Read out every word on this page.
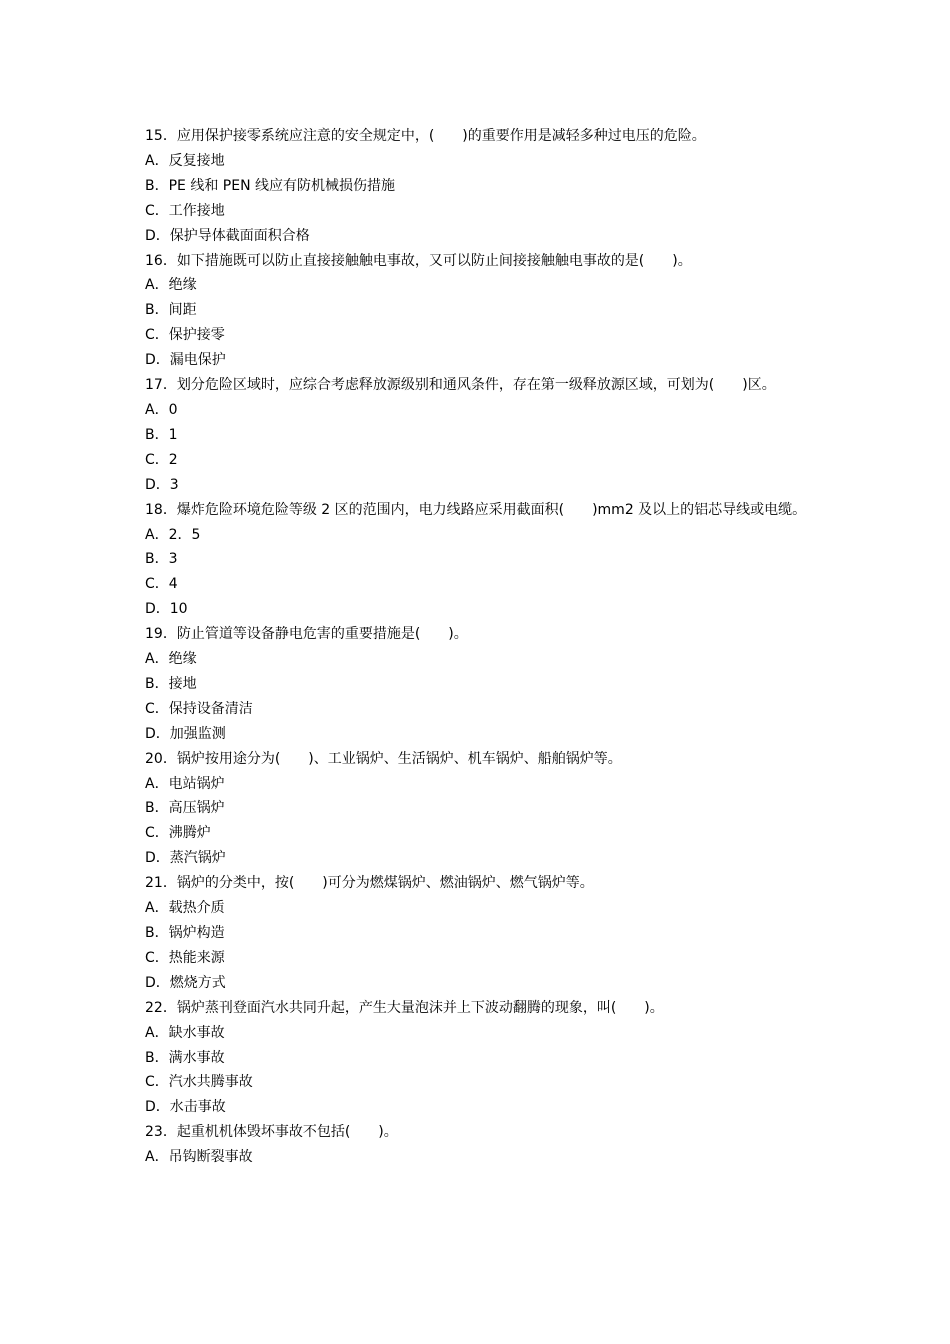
15．应用保护接零系统应注意的安全规定中，(　　)的重要作用是减轻多种过电压的危险。

A．反复接地

B．PE 线和 PEN 线应有防机械损伤措施

C．工作接地

D．保护导体截面面积合格

16．如下措施既可以防止直接接触触电事故，又可以防止间接接触触电事故的是(　　)。

A．绝缘

B．间距

C．保护接零

D．漏电保护

17．划分危险区域时，应综合考虑释放源级别和通风条件，存在第一级释放源区域，可划为(　　)区。

A．0

B．1

C．2

D．3

18．爆炸危险环境危险等级 2 区的范围内，电力线路应采用截面积(　　)mm2 及以上的铝芯导线或电缆。

A．2．5

B．3

C．4

D．10

19．防止管道等设备静电危害的重要措施是(　　)。

A．绝缘

B．接地

C．保持设备清洁

D．加强监测

20．锅炉按用途分为(　　)、工业锅炉、生活锅炉、机车锅炉、船舶锅炉等。

A．电站锅炉

B．高压锅炉

C．沸腾炉

D．蒸汽锅炉

21．锅炉的分类中，按(　　)可分为燃煤锅炉、燃油锅炉、燃气锅炉等。

A．载热介质

B．锅炉构造

C．热能来源

D．燃烧方式

22．锅炉蒸刊登面汽水共同升起，产生大量泡沫并上下波动翻腾的现象，叫(　　)。

A．缺水事故

B．满水事故

C．汽水共腾事故

D．水击事故

23．起重机机体毁坏事故不包括(　　)。

A．吊钩断裂事故
